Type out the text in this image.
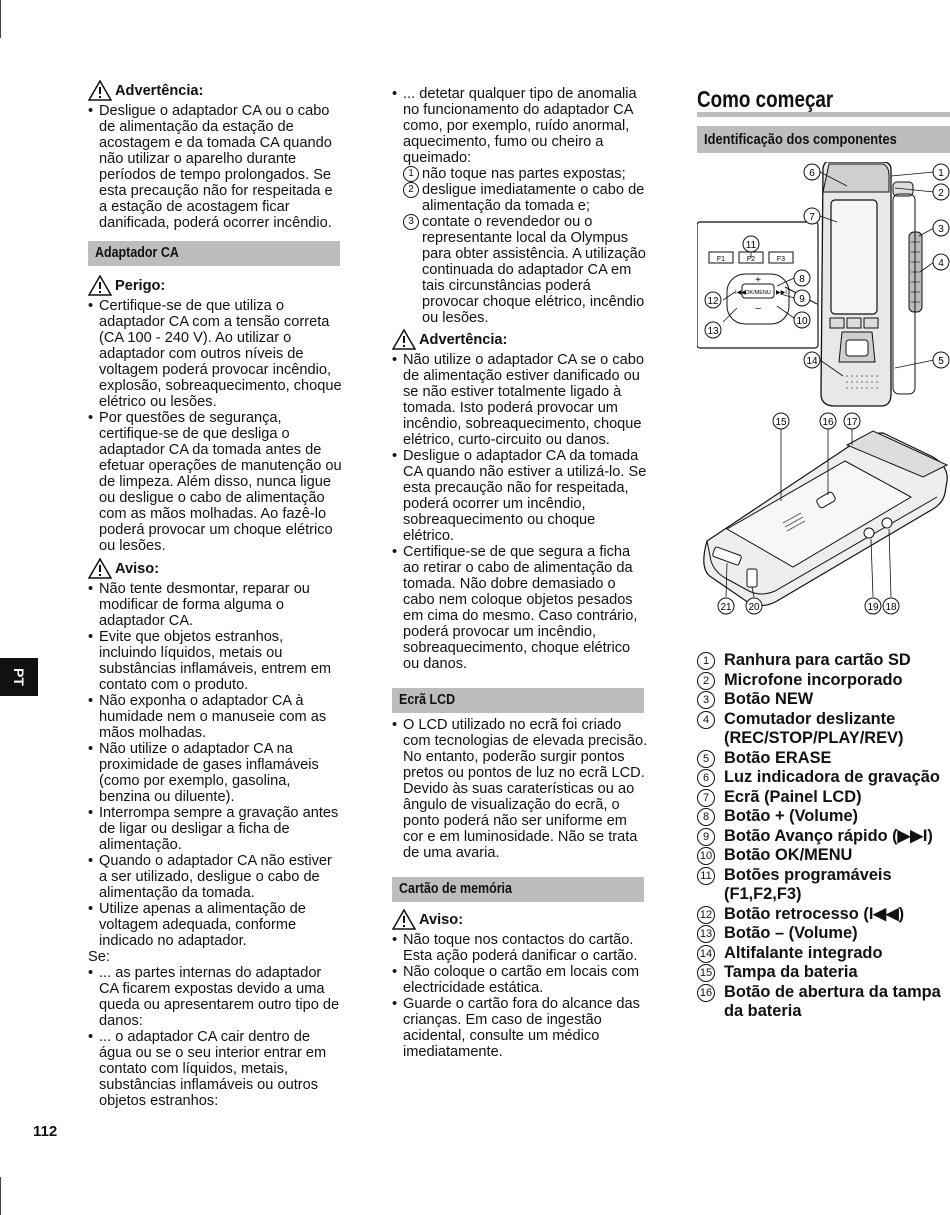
PT
112
Advertência:
• Desligue o adaptador CA ou o cabo de alimentação da estação de acostagem e da tomada CA quando não utilizar o aparelho durante períodos de tempo prolongados. Se esta precaução não for respeitada e a estação de acostagem ficar danificada, poderá ocorrer incêndio.
Adaptador CA
Perigo:
• Certifique-se de que utiliza o adaptador CA com a tensão correta (CA 100 - 240 V). Ao utilizar o adaptador com outros níveis de voltagem poderá provocar incêndio, explosão, sobreaquecimento, choque elétrico ou lesões.
• Por questões de segurança, certifique-se de que desliga o adaptador CA da tomada antes de efetuar operações de manutenção ou de limpeza. Além disso, nunca ligue ou desligue o cabo de alimentação com as mãos molhadas. Ao fazê-lo poderá provocar um choque elétrico ou lesões.
Aviso:
• Não tente desmontar, reparar ou modificar de forma alguma o adaptador CA.
• Evite que objetos estranhos, incluindo líquidos, metais ou substâncias inflamáveis, entrem em contato com o produto.
• Não exponha o adaptador CA à humidade nem o manuseie com as mãos molhadas.
• Não utilize o adaptador CA na proximidade de gases inflamáveis (como por exemplo, gasolina, benzina ou diluente).
• Interrompa sempre a gravação antes de ligar ou desligar a ficha de alimentação.
• Quando o adaptador CA não estiver a ser utilizado, desligue o cabo de alimentação da tomada.
• Utilize apenas a alimentação de voltagem adequada, conforme indicado no adaptador.

Se:

• ... as partes internas do adaptador CA ficarem expostas devido a uma queda ou apresentarem outro tipo de danos:
• ... o adaptador CA cair dentro de água ou se o seu interior entrar em contato com líquidos, metais, substâncias inflamáveis ou outros objetos estranhos:
• ... detetar qualquer tipo de anomalia no funcionamento do adaptador CA como, por exemplo, ruído anormal, aquecimento, fumo ou cheiro a queimado:
1 não toque nas partes expostas;
2 desligue imediatamente o cabo de alimentação da tomada e;
3 contate o revendedor ou o representante local da Olympus para obter assistência. A utilização continuada do adaptador CA em tais circunstâncias poderá provocar choque elétrico, incêndio ou lesões.
Advertência:
• Não utilize o adaptador CA se o cabo de alimentação estiver danificado ou se não estiver totalmente ligado à tomada. Isto poderá provocar um incêndio, sobreaquecimento, choque elétrico, curto-circuito ou danos.
• Desligue o adaptador CA da tomada CA quando não estiver a utilizá-lo. Se esta precaução não for respeitada, poderá ocorrer um incêndio, sobreaquecimento ou choque elétrico.
• Certifique-se de que segura a ficha ao retirar o cabo de alimentação da tomada. Não dobre demasiado o cabo nem coloque objetos pesados em cima do mesmo. Caso contrário, poderá provocar um incêndio, sobreaquecimento, choque elétrico ou danos.
Ecrã LCD
• O LCD utilizado no ecrã foi criado com tecnologias de elevada precisão. No entanto, poderão surgir pontos pretos ou pontos de luz no ecrã LCD. Devido às suas caraterísticas ou ao ângulo de visualização do ecrã, o ponto poderá não ser uniforme em cor e em luminosidade. Não se trata de uma avaria.
Cartão de memória
Aviso:
• Não toque nos contactos do cartão. Esta ação poderá danificar o cartão.
• Não coloque o cartão em locais com electricidade estática.
• Guarde o cartão fora do alcance das crianças. Em caso de ingestão acidental, consulte um médico imediatamente.
Como começar
Identificação dos componentes
F1	F2	F3
OK/MENU
+
–
I◀◀	▶▶I
1
2
3
4
5
6
7
8
9
10
11
12
13
14
15	16 17
18
19
20
21
1 Ranhura para cartão SD
2 Microfone incorporado
3 Botão NEW
4 Comutador deslizante (REC/STOP/PLAY/REV)
5 Botão ERASE
6 Luz indicadora de gravação
7 Ecrã (Painel LCD)
8 Botão + (Volume)
9 Botão Avanço rápido (▶▶I)
10 Botão OK/MENU
11 Botões programáveis (F1,F2,F3)
12 Botão retrocesso (I◀◀)
13 Botão – (Volume)
14 Altifalante integrado
15 Tampa da bateria
16 Botão de abertura da tampa da bateria
